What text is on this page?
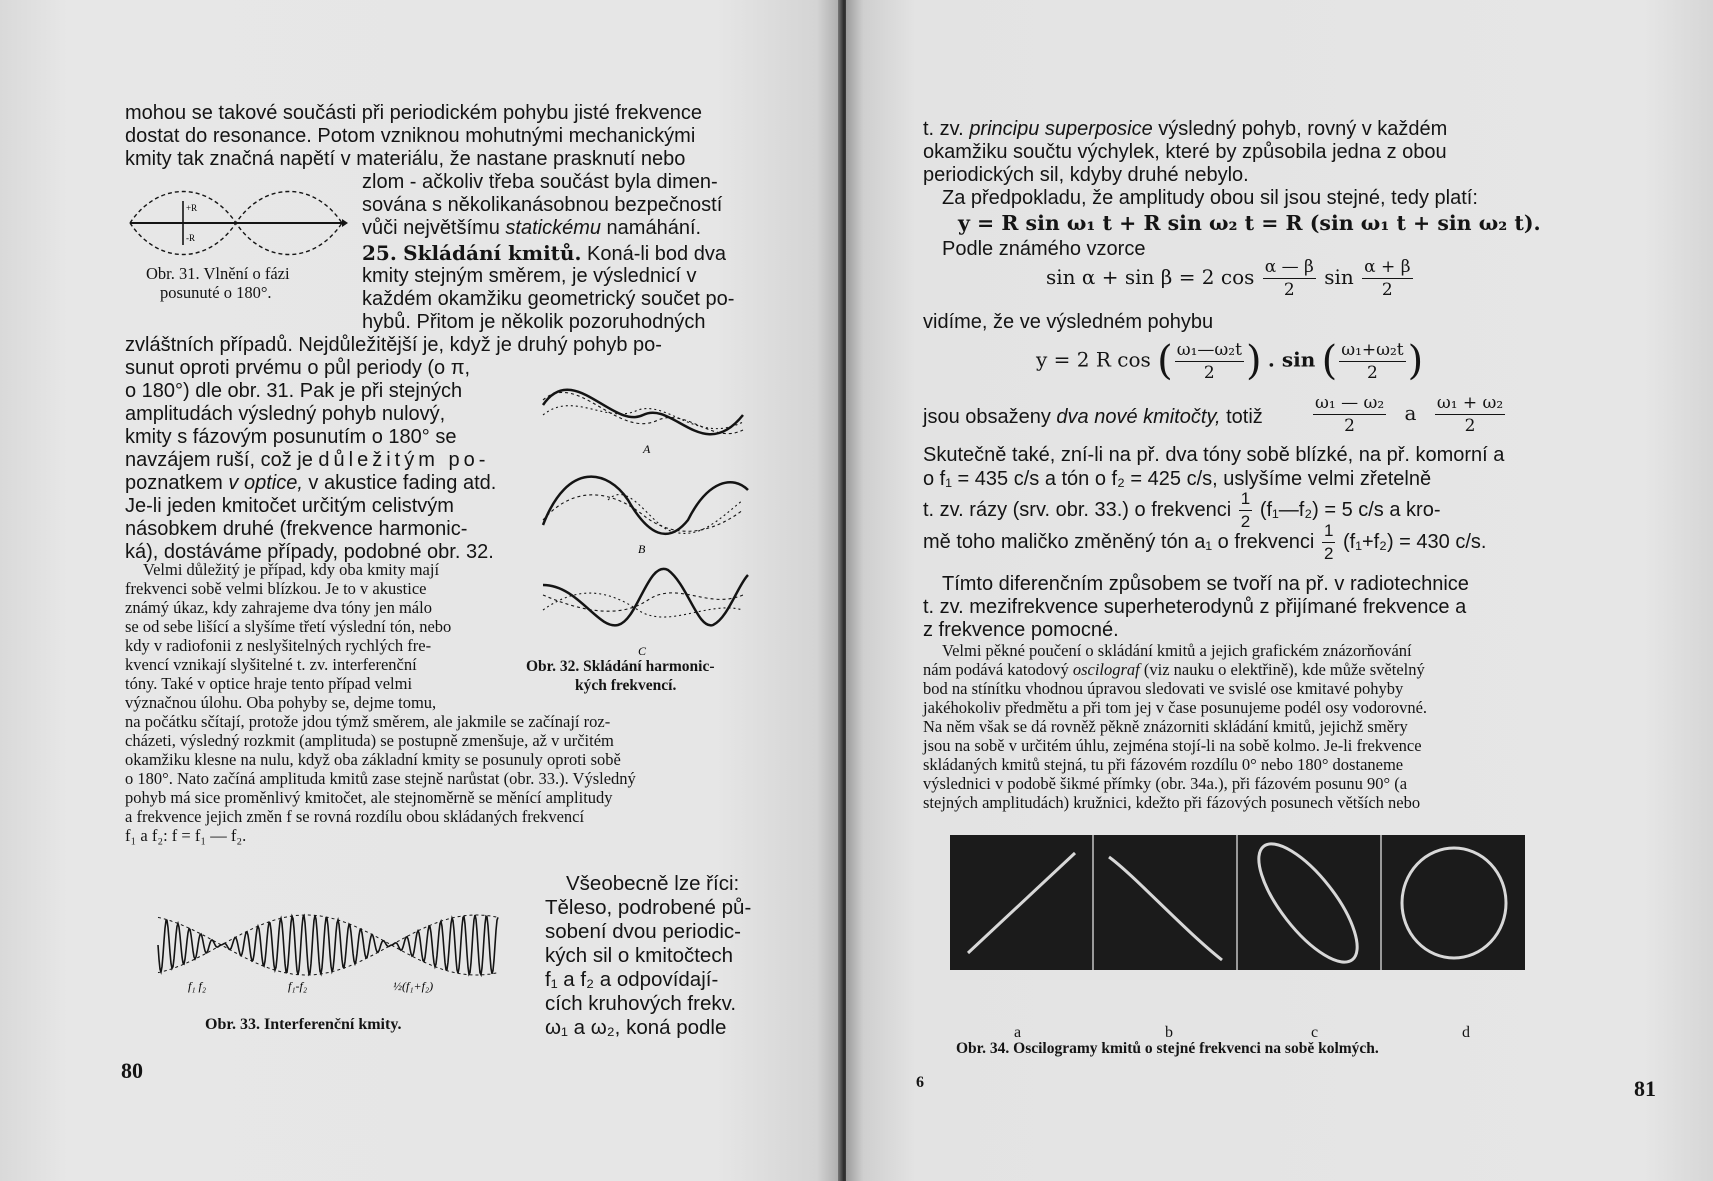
mohou se takové součásti při periodickém pohybu jisté frekvence
dostat do resonance. Potom vzniknou mohutnými mechanickými
kmity tak značná napětí v materiálu, že nastane prasknutí nebo
zlom - ačkoliv třeba součást byla dimen-
sována s několikanásobnou bezpečností
vůči největšímu statickému namáhání.
+R
-R
Obr. 31. Vlnění o fázi
posunuté o 180°.
25. Skládání kmitů. Koná-li bod dva
kmity stejným směrem, je výslednicí v
každém okamžiku geometrický součet po-
hybů. Přitom je několik pozoruhodných
zvláštních případů. Nejdůležitější je, když je druhý pohyb po-
sunut oproti prvému o půl periody (o π,
o 180°) dle obr. 31. Pak je při stejných
amplitudách výsledný pohyb nulový,
kmity s fázovým posunutím o 180° se
navzájem ruší, což je důležitým po-
poznatkem v optice, v akustice fading atd.
Je-li jeden kmitočet určitým celistvým
násobkem druhé (frekvence harmonic-
ká), dostáváme případy, podobné obr. 32.
A
B
C
Velmi důležitý je případ, kdy oba kmity mají
frekvenci sobě velmi blízkou. Je to v akustice
známý úkaz, kdy zahrajeme dva tóny jen málo
se od sebe lišící a slyšíme třetí výslední tón, nebo
kdy v radiofonii z neslyšitelných rychlých fre-
kvencí vznikají slyšitelné t. zv. interferenční
tóny. Také v optice hraje tento případ velmi
význačnou úlohu. Oba pohyby se, dejme tomu,
na počátku sčítají, protože jdou týmž směrem, ale jakmile se začínají roz-
cházeti, výsledný rozkmit (amplituda) se postupně zmenšuje, až v určitém
okamžiku klesne na nulu, když oba základní kmity se posunuly oproti sobě
o 180°. Nato začíná amplituda kmitů zase stejně narůstat (obr. 33.). Výsledný
pohyb má sice proměnlivý kmitočet, ale stejnoměrně se měnící amplitudy
a frekvence jejich změn f se rovná rozdílu obou skládaných frekvencí
f₁ a f₂: f = f₁ — f₂.
Obr. 32. Skládání harmonic-
kých frekvencí.
Všeobecně lze říci:
Těleso, podrobené pů-
sobení dvou periodic-
kých sil o kmitočtech
f₁ a f₂ a odpovídají-
cích kruhových frekv.
ω₁ a ω₂, koná podle
f₁ f₂	f₁-f₂	½(f₁+f₂)
Obr. 33. Interferenční kmity.
80
t. zv. principu superposice výsledný pohyb, rovný v každém
okamžiku součtu výchylek, které by způsobila jedna z obou
periodických sil, kdyby druhé nebylo.
Za předpokladu, že amplitudy obou sil jsou stejné, tedy platí:
y = R sin ω₁ t + R sin ω₂ t = R (sin ω₁ t + sin ω₂ t).
Podle známého vzorce
sin α + sin β = 2 $\cos \frac{\alpha — \beta}{2}$ $\sin \frac{\alpha + \beta}{2}$
vidíme, že ve výsledném pohybu
y = 2 R cos ( $\frac{\text{ω₁—ω₂t}}{2}$ ) . sin ( $\frac{\text{ω₁+ω₂t}}{2}$ )
jsou obsaženy dva nové kmitočty, totiž	$\frac{\text{ω₁ — ω₂}}{2}$ a $\frac{\text{ω₁ + ω₂}}{2}$
Skutečně také, zní-li na př. dva tóny sobě blízké, na př. komorní a
o f₁ = 435 c/s a tón o f₂ = 425 c/s, uslyšíme velmi zřetelně
t. zv. rázy (srv. obr. 33.) o frekvenci $\frac{1}{2}$ (f₁—f₂) = 5 c/s a kro-
mě toho maličko změněný tón a₁ o frekvenci $\frac{1}{2} (f_1+f_2) = 430$ c/s.
Tímto diferenčním způsobem se tvoří na př. v radiotechnice
t. zv. mezifrekvence superheterodynů z přijímané frekvence a
z frekvence pomocné.
Velmi pěkné poučení o skládání kmitů a jejich grafickém znázorňování
nám podává katodový oscilograf (viz nauku o elektřině), kde může světelný
bod na stínítku vhodnou úpravou sledovati ve svislé ose kmitavé pohyby
jakéhokoliv předmětu a při tom jej v čase posunujeme podél osy vodorovné.
Na něm však se dá rovněž pěkně znázorniti skládání kmitů, jejichž směry
jsou na sobě v určitém úhlu, zejména stojí-li na sobě kolmo. Je-li frekvence
skládaných kmitů stejná, tu při fázovém rozdílu 0° nebo 180° dostaneme
výslednici v podobě šikmé přímky (obr. 34a.), při fázovém posunu 90° (a
stejných amplitudách) kružnici, kdežto při fázových posunech větších nebo
a	b	c	d
Obr. 34. Oscilogramy kmitů o stejné frekvenci na sobě kolmých.
6	81
